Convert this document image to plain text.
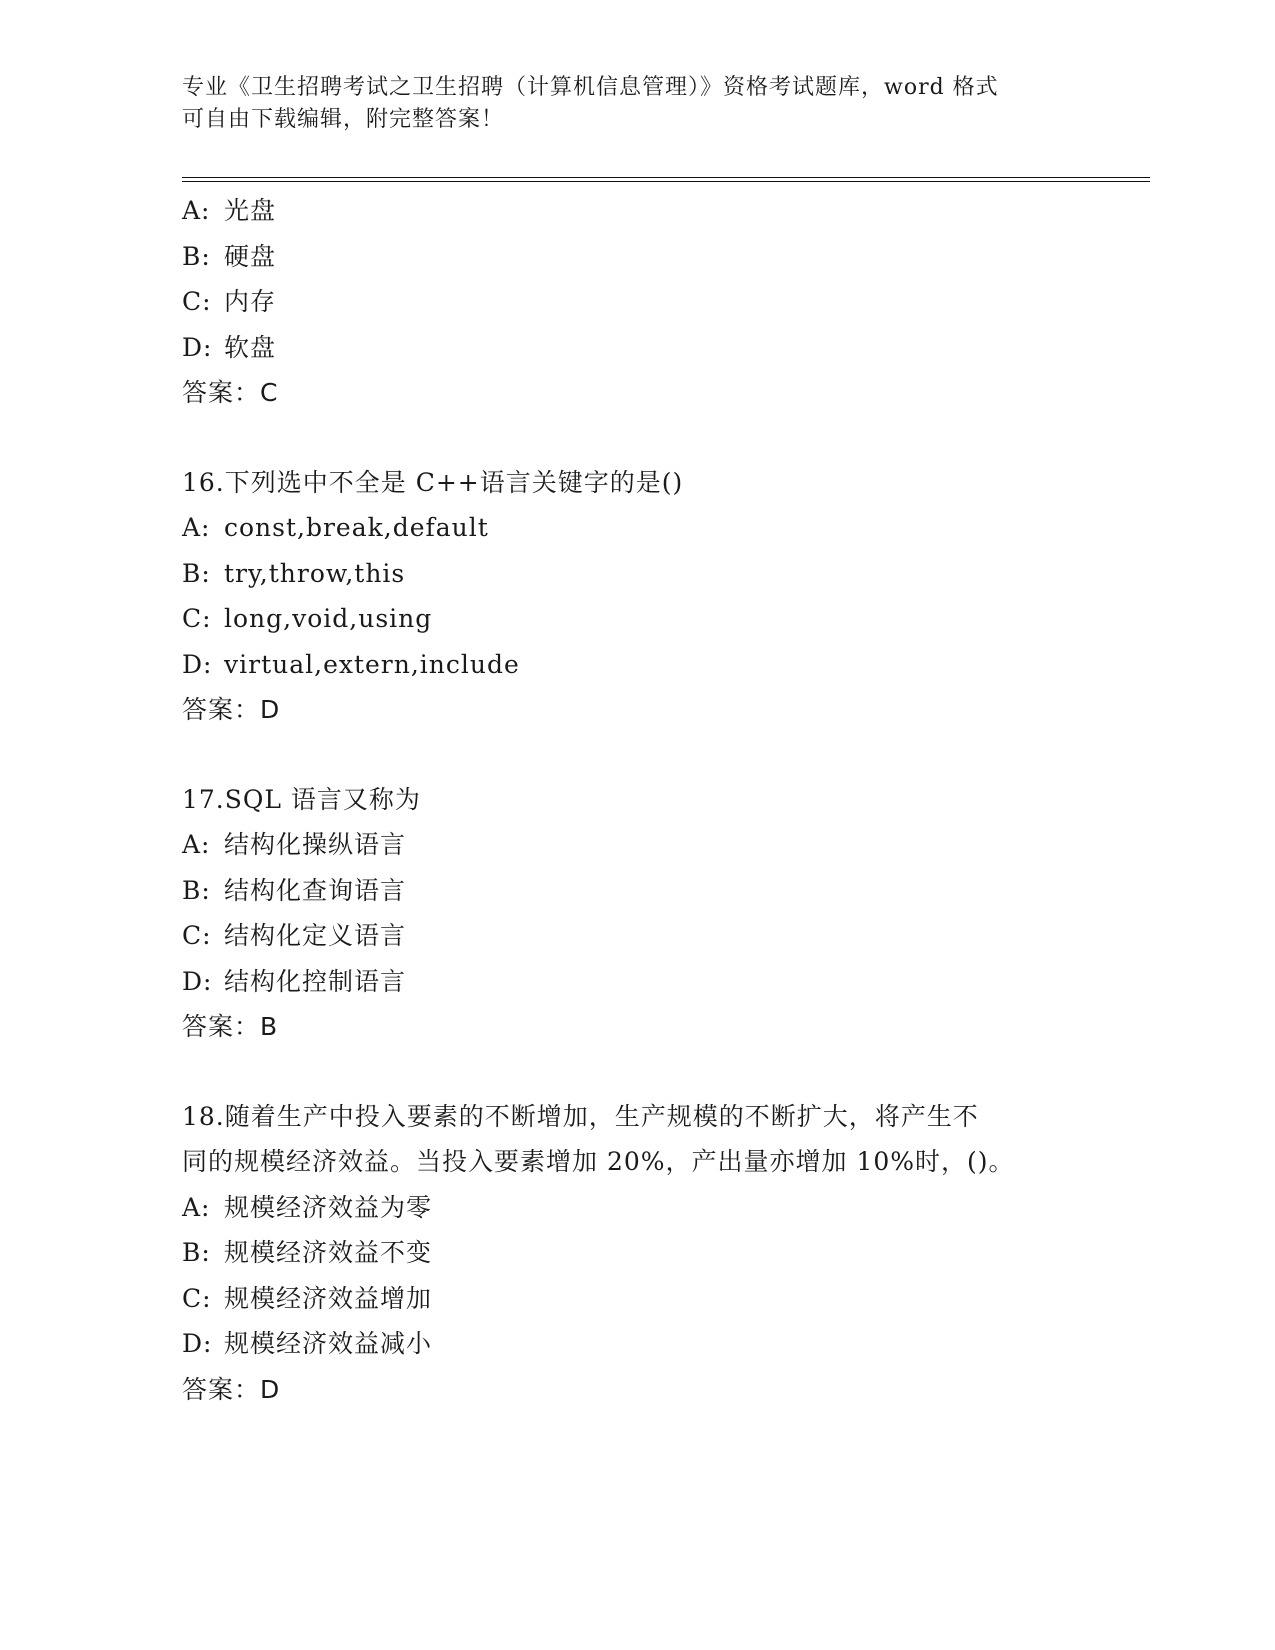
专业《卫生招聘考试之卫生招聘（计算机信息管理）》资格考试题库，word 格式
可自由下载编辑，附完整答案！
A: 光盘
B: 硬盘
C: 内存
D: 软盘
答案：C
16.下列选中不全是 C++语言关键字的是()
A: const,break,default
B: try,throw,this
C: long,void,using
D: virtual,extern,include
答案：D
17.SQL 语言又称为
A: 结构化操纵语言
B: 结构化查询语言
C: 结构化定义语言
D: 结构化控制语言
答案：B
18.随着生产中投入要素的不断增加，生产规模的不断扩大，将产生不
同的规模经济效益。当投入要素增加 20%，产出量亦增加 10%时，()。
A: 规模经济效益为零
B: 规模经济效益不变
C: 规模经济效益增加
D: 规模经济效益减小
答案：D
